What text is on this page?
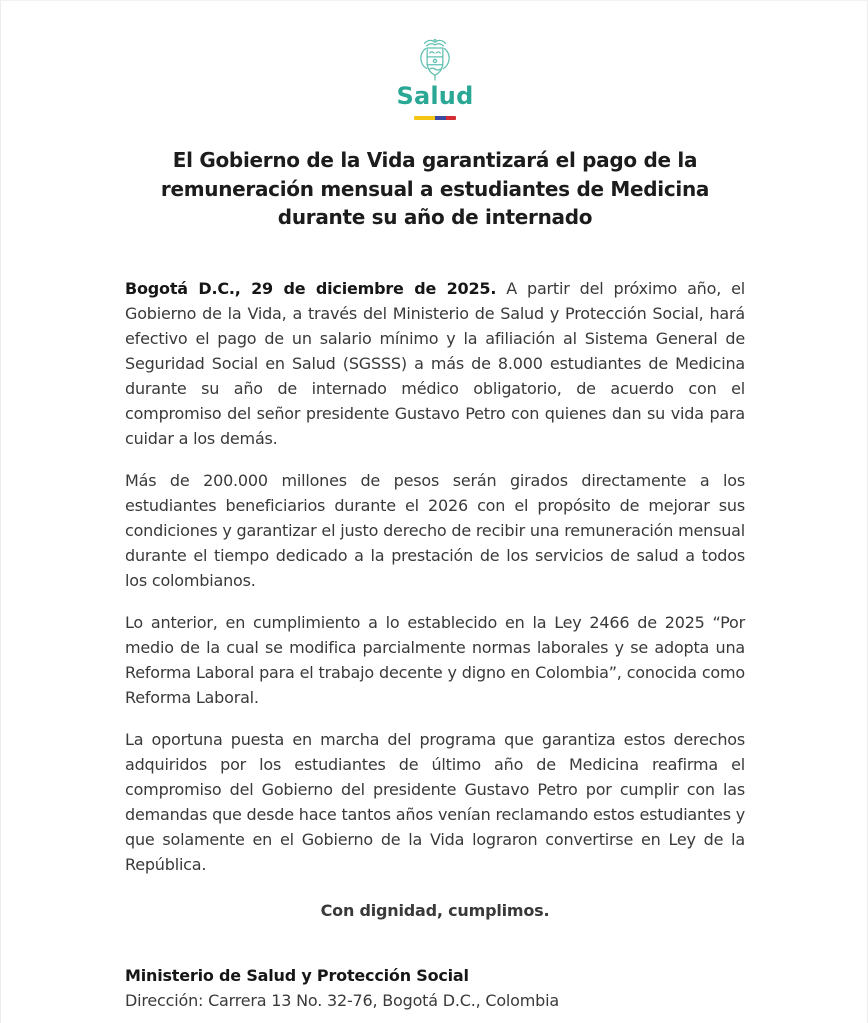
Salud
El Gobierno de la Vida garantizará el pago de la remuneración mensual a estudiantes de Medicina durante su año de internado

Bogotá D.C., 29 de diciembre de 2025. A partir del próximo año, el Gobierno de la Vida, a través del Ministerio de Salud y Protección Social, hará efectivo el pago de un salario mínimo y la afiliación al Sistema General de Seguridad Social en Salud (SGSSS) a más de 8.000 estudiantes de Medicina durante su año de internado médico obligatorio, de acuerdo con el compromiso del señor presidente Gustavo Petro con quienes dan su vida para cuidar a los demás.

Más de 200.000 millones de pesos serán girados directamente a los estudiantes beneficiarios durante el 2026 con el propósito de mejorar sus condiciones y garantizar el justo derecho de recibir una remuneración mensual durante el tiempo dedicado a la prestación de los servicios de salud a todos los colombianos.

Lo anterior, en cumplimiento a lo establecido en la Ley 2466 de 2025 “Por medio de la cual se modifica parcialmente normas laborales y se adopta una Reforma Laboral para el trabajo decente y digno en Colombia”, conocida como Reforma Laboral.

La oportuna puesta en marcha del programa que garantiza estos derechos adquiridos por los estudiantes de último año de Medicina reafirma el compromiso del Gobierno del presidente Gustavo Petro por cumplir con las demandas que desde hace tantos años venían reclamando estos estudiantes y que solamente en el Gobierno de la Vida lograron convertirse en Ley de la República.

Con dignidad, cumplimos.

Ministerio de Salud y Protección Social
Dirección: Carrera 13 No. 32-76, Bogotá D.C., Colombia
